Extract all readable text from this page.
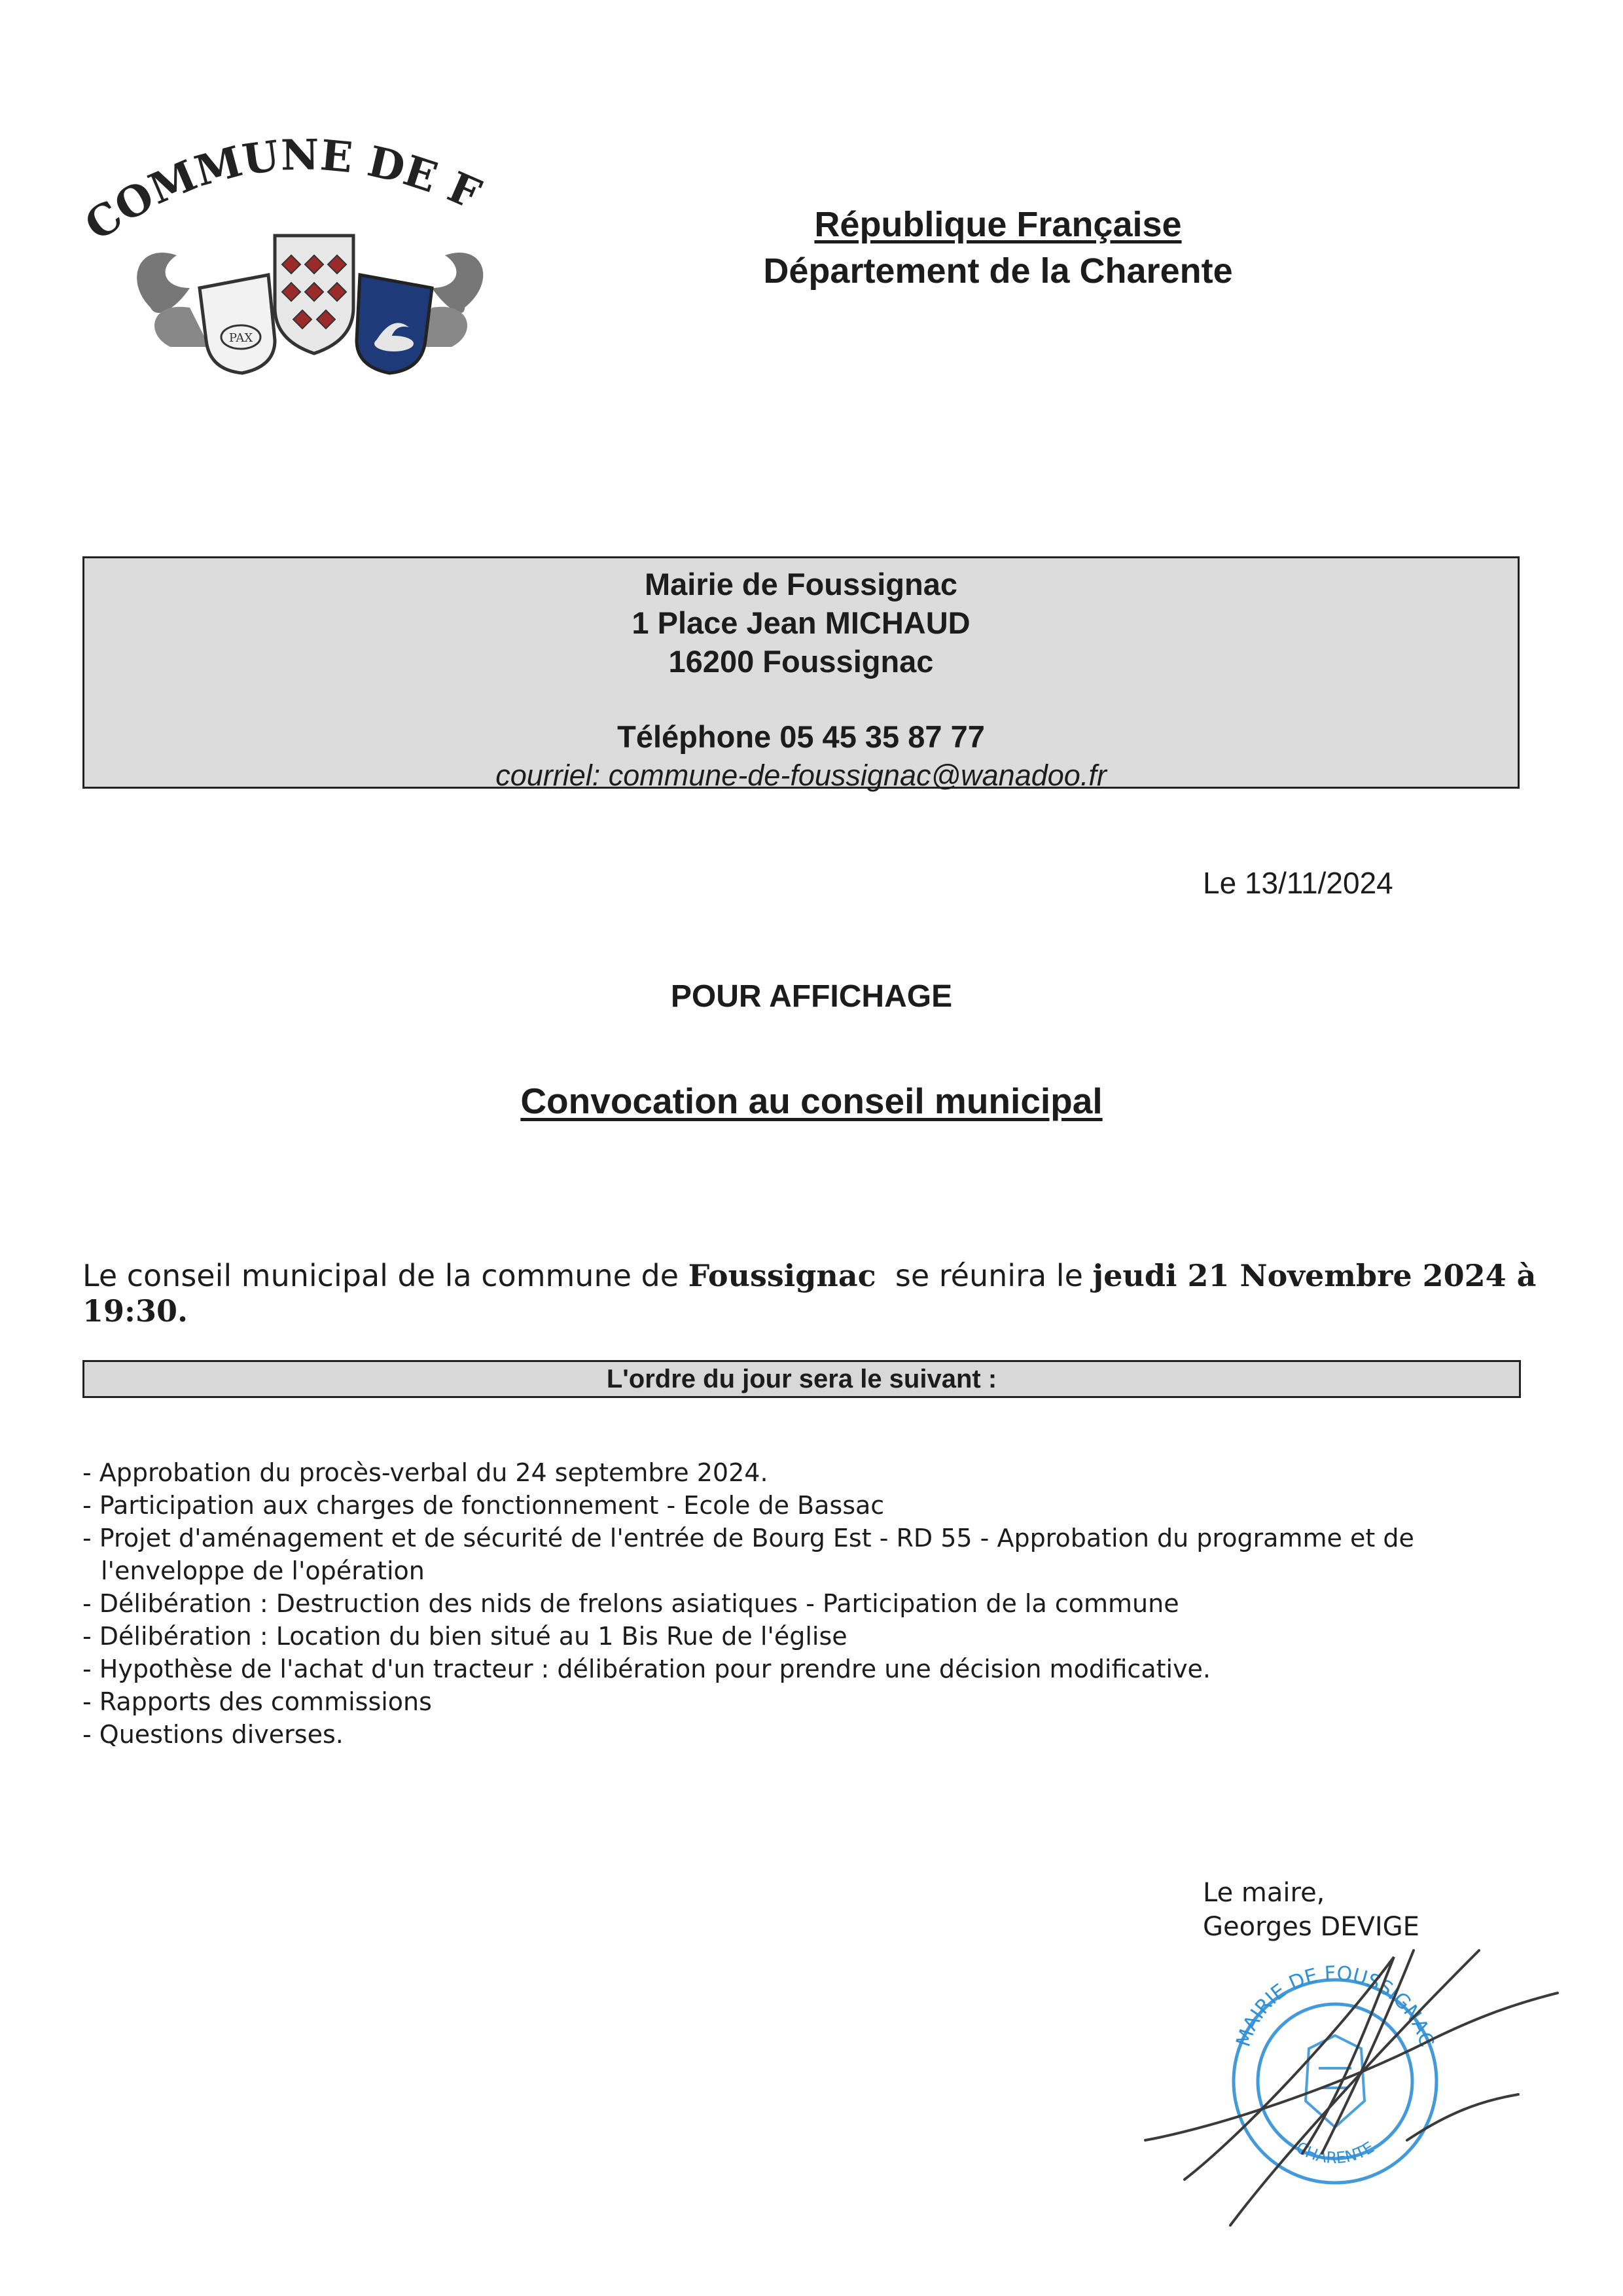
COMMUNE DE F
PAX
République Française
Département de la Charente
Mairie de Foussignac
1 Place Jean MICHAUD
16200 Foussignac
Téléphone 05 45 35 87 77
courriel: commune-de-foussignac@wanadoo.fr
Le 13/11/2024
POUR AFFICHAGE
Convocation au conseil municipal
Le conseil municipal de la commune de Foussignac  se réunira le jeudi 21 Novembre 2024 à 19:30.
L'ordre du jour sera le suivant :
- Approbation du procès-verbal du 24 septembre 2024.
- Participation aux charges de fonctionnement - Ecole de Bassac
- Projet d'aménagement et de sécurité de l'entrée de Bourg Est - RD 55 - Approbation du programme et de l'enveloppe de l'opération
- Délibération : Destruction des nids de frelons asiatiques - Participation de la commune
- Délibération : Location du bien situé au 1 Bis Rue de l'église
- Hypothèse de l'achat d'un tracteur : délibération pour prendre une décision modificative.
- Rapports des commissions
- Questions diverses.
Le maire,
Georges DEVIGE
MAIRIE DE FOUSSIGNAC
CHARENTE
